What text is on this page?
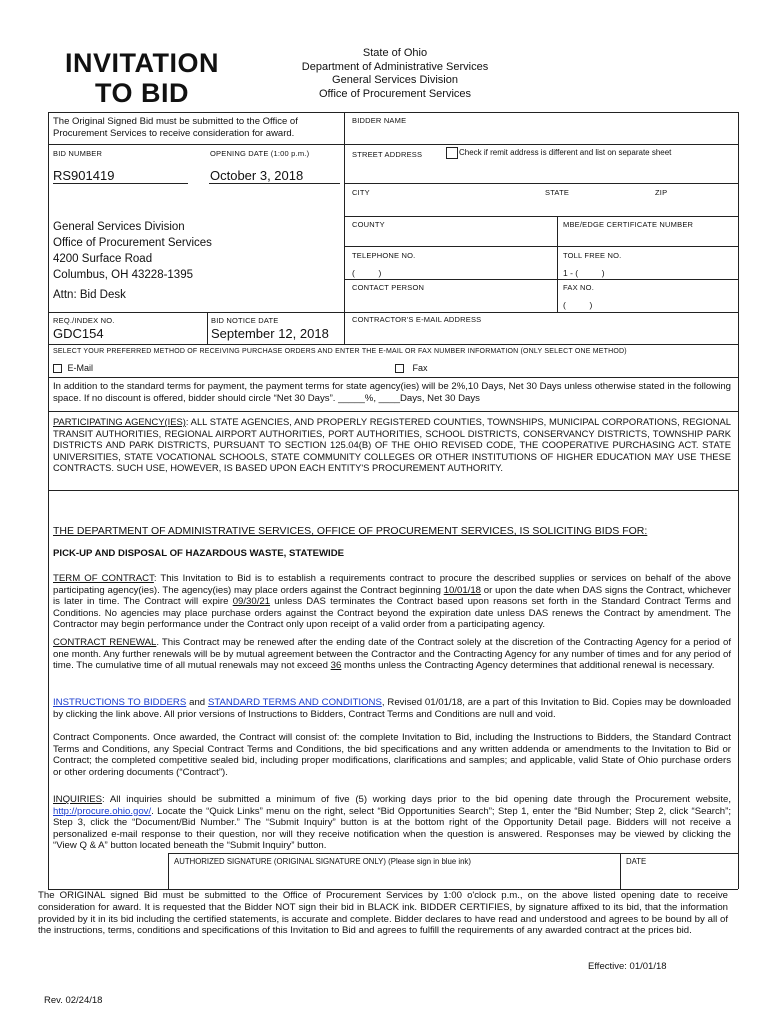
INVITATION
TO BID
State of Ohio
Department of Administrative Services
General Services Division
Office of Procurement Services
The Original Signed Bid must be submitted to the Office of Procurement Services to receive consideration for award.
BID NUMBER	OPENING DATE (1:00 p.m.)
RS901419	October 3, 2018
General Services Division
Office of Procurement Services
4200 Surface Road
Columbus, OH 43228-1395
Attn: Bid Desk
REQ./INDEX NO.
GDC154
BID NOTICE DATE
September 12, 2018
BIDDER NAME
STREET ADDRESS	Check if remit address is different and list on separate sheet
CITY	STATE	ZIP
COUNTY	MBE/EDGE CERTIFICATE NUMBER
TELEPHONE NO.
(          )
TOLL FREE NO.
1 - (          )
CONTACT PERSON	FAX NO.
(          )
CONTRACTOR'S E-MAIL ADDRESS
SELECT YOUR PREFERRED METHOD OF RECEIVING PURCHASE ORDERS AND ENTER THE E-MAIL OR FAX NUMBER INFORMATION (ONLY SELECT ONE METHOD)
E-Mail	Fax
In addition to the standard terms for payment, the payment terms for state agency(ies) will be 2%,10 Days, Net 30 Days unless otherwise stated in the following space. If no discount is offered, bidder should circle “Net 30 Days”. _____%, ____Days, Net 30 Days
PARTICIPATING AGENCY(IES): ALL STATE AGENCIES, AND PROPERLY REGISTERED COUNTIES, TOWNSHIPS, MUNICIPAL CORPORATIONS, REGIONAL TRANSIT AUTHORITIES, REGIONAL AIRPORT AUTHORITIES, PORT AUTHORITIES, SCHOOL DISTRICTS, CONSERVANCY DISTRICTS, TOWNSHIP PARK DISTRICTS AND PARK DISTRICTS, PURSUANT TO SECTION 125.04(B) OF THE OHIO REVISED CODE, THE COOPERATIVE PURCHASING ACT. STATE UNIVERSITIES, STATE VOCATIONAL SCHOOLS, STATE COMMUNITY COLLEGES OR OTHER INSTITUTIONS OF HIGHER EDUCATION MAY USE THESE CONTRACTS. SUCH USE, HOWEVER, IS BASED UPON EACH ENTITY'S PROCUREMENT AUTHORITY.
THE DEPARTMENT OF ADMINISTRATIVE SERVICES, OFFICE OF PROCUREMENT SERVICES, IS SOLICITING BIDS FOR:
PICK-UP AND DISPOSAL OF HAZARDOUS WASTE, STATEWIDE
TERM OF CONTRACT: This Invitation to Bid is to establish a requirements contract to procure the described supplies or services on behalf of the above participating agency(ies). The agency(ies) may place orders against the Contract beginning 10/01/18 or upon the date when DAS signs the Contract, whichever is later in time. The Contract will expire 09/30/21 unless DAS terminates the Contract based upon reasons set forth in the Standard Contract Terms and Conditions. No agencies may place purchase orders against the Contract beyond the expiration date unless DAS renews the Contract by amendment. The Contractor may begin performance under the Contract only upon receipt of a valid order from a participating agency.
CONTRACT RENEWAL. This Contract may be renewed after the ending date of the Contract solely at the discretion of the Contracting Agency for a period of one month. Any further renewals will be by mutual agreement between the Contractor and the Contracting Agency for any number of times and for any period of time. The cumulative time of all mutual renewals may not exceed 36 months unless the Contracting Agency determines that additional renewal is necessary.
INSTRUCTIONS TO BIDDERS and STANDARD TERMS AND CONDITIONS, Revised 01/01/18, are a part of this Invitation to Bid. Copies may be downloaded by clicking the link above. All prior versions of Instructions to Bidders, Contract Terms and Conditions are null and void.
Contract Components. Once awarded, the Contract will consist of: the complete Invitation to Bid, including the Instructions to Bidders, the Standard Contract Terms and Conditions, any Special Contract Terms and Conditions, the bid specifications and any written addenda or amendments to the Invitation to Bid or Contract; the completed competitive sealed bid, including proper modifications, clarifications and samples; and applicable, valid State of Ohio purchase orders or other ordering documents (“Contract”).
INQUIRIES: All inquiries should be submitted a minimum of five (5) working days prior to the bid opening date through the Procurement website, http://procure.ohio.gov/. Locate the “Quick Links” menu on the right, select “Bid Opportunities Search”; Step 1, enter the “Bid Number; Step 2, click “Search”; Step 3, click the “Document/Bid Number.” The “Submit Inquiry” button is at the bottom right of the Opportunity Detail page. Bidders will not receive a personalized e-mail response to their question, nor will they receive notification when the question is answered. Responses may be viewed by clicking the “View Q & A” button located beneath the “Submit Inquiry” button.
AUTHORIZED SIGNATURE (ORIGINAL SIGNATURE ONLY) (Please sign in blue ink)	DATE
The ORIGINAL signed Bid must be submitted to the Office of Procurement Services by 1:00 o'clock p.m., on the above listed opening date to receive consideration for award. It is requested that the Bidder NOT sign their bid in BLACK ink. BIDDER CERTIFIES, by signature affixed to its bid, that the information provided by it in its bid including the certified statements, is accurate and complete. Bidder declares to have read and understood and agrees to be bound by all of the instructions, terms, conditions and specifications of this Invitation to Bid and agrees to fulfill the requirements of any awarded contract at the prices bid.
Effective: 01/01/18
Rev. 02/24/18
